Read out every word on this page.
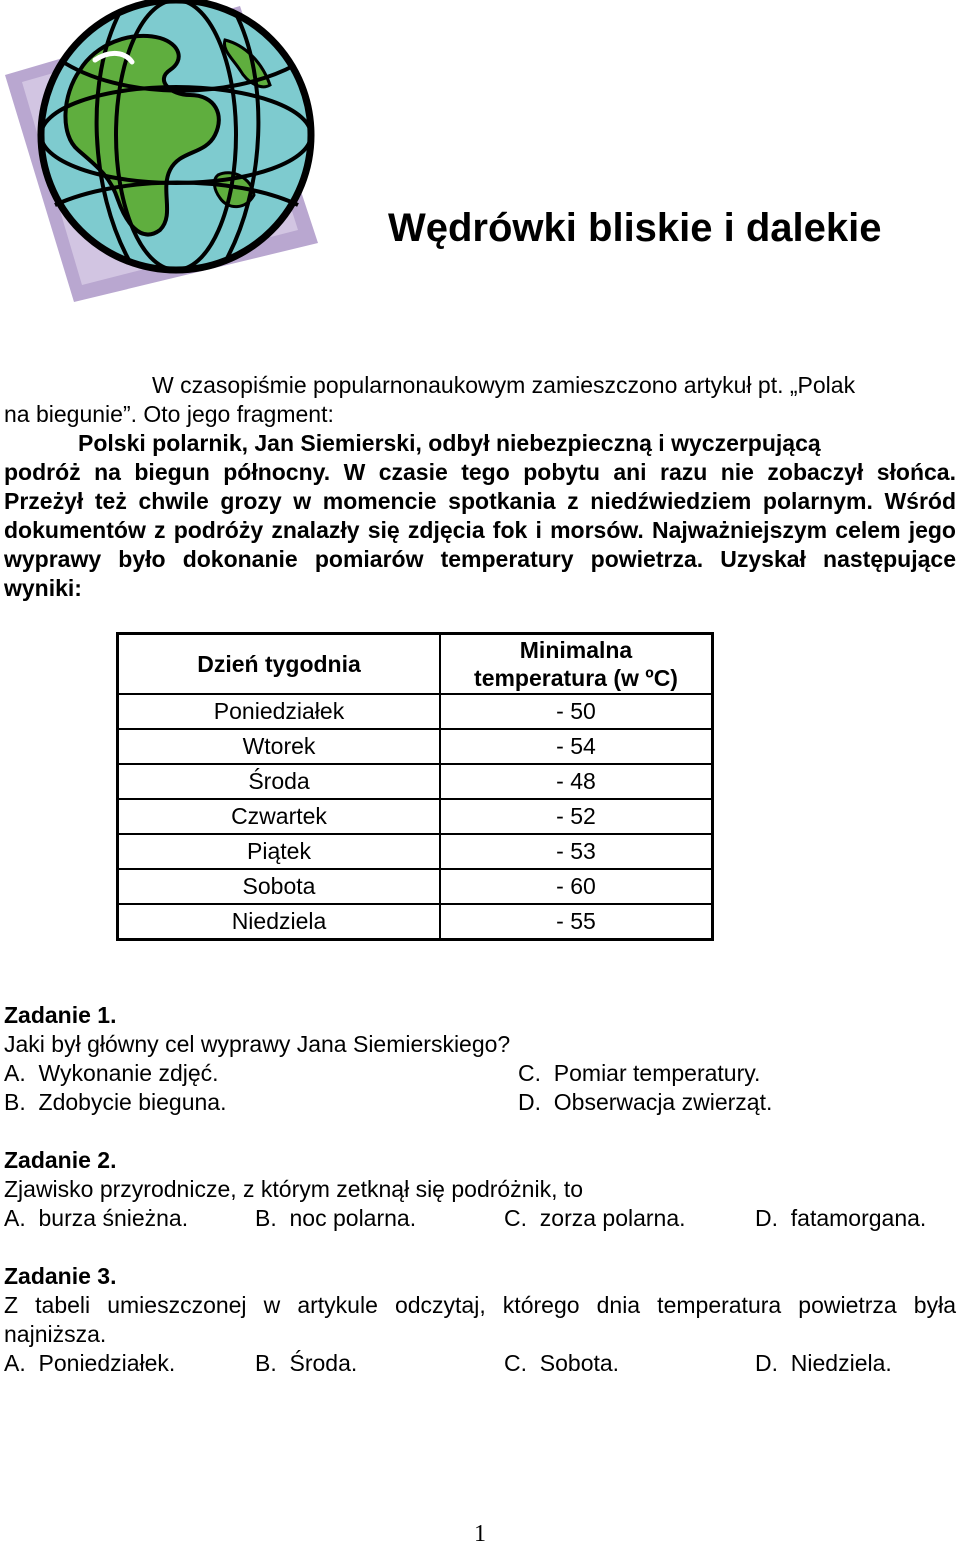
Wędrówki bliskie i dalekie

W czasopiśmie popularnonaukowym zamieszczono artykuł pt. „Polak

na biegunie”. Oto jego fragment:

Polski polarnik, Jan Siemierski, odbył niebezpieczną i wyczerpującą

podróż na biegun północny. W czasie tego pobytu ani razu nie zobaczył słońca. Przeżył też chwile grozy w momencie spotkania z niedźwiedziem polarnym. Wśród dokumentów z podróży znalazły się zdjęcia fok i morsów. Najważniejszym celem jego wyprawy było dokonanie pomiarów temperatury powietrza. Uzyskał następujące wyniki:

Dzień tygodnia	Minimalna
temperatura (w ºC)
Poniedziałek	- 50
Wtorek	- 54
Środa	- 48
Czwartek	- 52
Piątek	- 53
Sobota	- 60
Niedziela	- 55

Zadanie 1.

Jaki był główny cel wyprawy Jana Siemierskiego?

A. Wykonanie zdjęć.	C. Pomiar temperatury.
B. Zdobycie bieguna.	D. Obserwacja zwierząt.

Zadanie 2.

Zjawisko przyrodnicze, z którym zetknął się podróżnik, to

A. burza śnieżna.	B. noc polarna.	C. zorza polarna.	D. fatamorgana.

Zadanie 3.

Z tabeli umieszczonej w artykule odczytaj, którego dnia temperatura powietrza była najniższa.

A. Poniedziałek.	B. Środa.	C. Sobota.	D. Niedziela.
1
